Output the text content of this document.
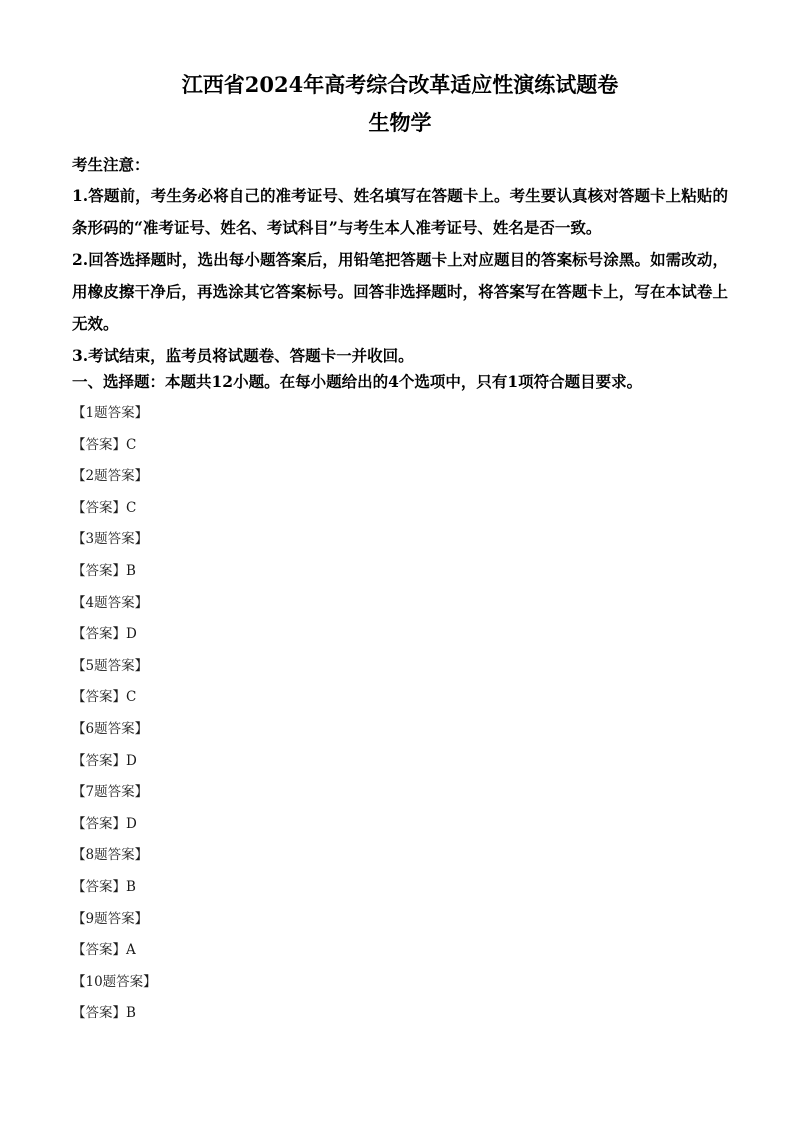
江西省2024年高考综合改革适应性演练试题卷
生物学
考生注意：
1.答题前，考生务必将自己的准考证号、姓名填写在答题卡上。考生要认真核对答题卡上粘贴的条形码的“准考证号、姓名、考试科目”与考生本人准考证号、姓名是否一致。
2.回答选择题时，选出每小题答案后，用铅笔把答题卡上对应题目的答案标号涂黑。如需改动，用橡皮擦干净后，再选涂其它答案标号。回答非选择题时，将答案写在答题卡上，写在本试卷上无效。
3.考试结束，监考员将试题卷、答题卡一并收回。
一、选择题：本题共12小题。在每小题给出的4个选项中，只有1项符合题目要求。
【1题答案】
【答案】C
【2题答案】
【答案】C
【3题答案】
【答案】B
【4题答案】
【答案】D
【5题答案】
【答案】C
【6题答案】
【答案】D
【7题答案】
【答案】D
【8题答案】
【答案】B
【9题答案】
【答案】A
【10题答案】
【答案】B
